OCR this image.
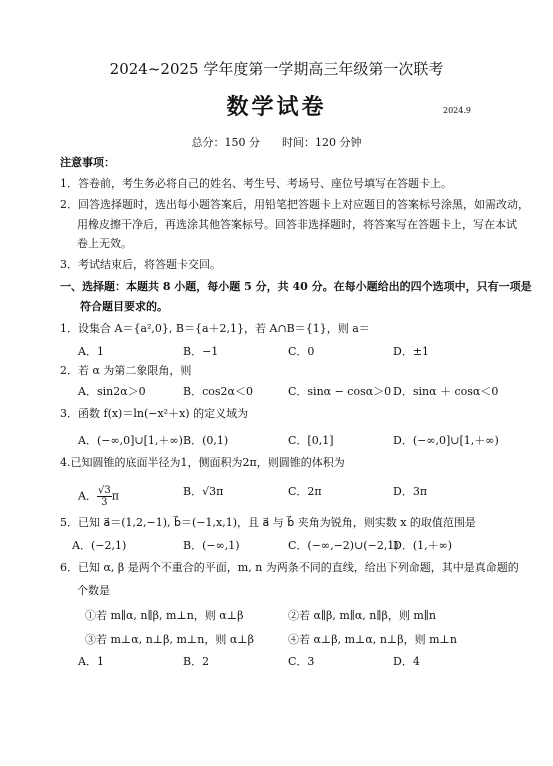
2024~2025 学年度第一学期高三年级第一次联考
数学试卷	2024.9
总分：150 分　　时间：120 分钟
注意事项：
1．答卷前，考生务必将自己的姓名、考生号、考场号、座位号填写在答题卡上。
2．回答选择题时，选出每小题答案后，用铅笔把答题卡上对应题目的答案标号涂黑，如需改动，
用橡皮擦干净后，再选涂其他答案标号。回答非选择题时，将答案写在答题卡上，写在本试
卷上无效。
3．考试结束后，将答题卡交回。
一、选择题：本题共 8 小题，每小题 5 分，共 40 分。在每小题给出的四个选项中，只有一项是
符合题目要求的。
1．设集合 A＝{a²,0}, B＝{a＋2,1}，若 A∩B＝{1}，则 a＝
A．1	B．−1	C．0	D．±1
2．若 α 为第二象限角，则
A．sin2α＞0	B．cos2α＜0	C．sinα − cosα＞0 D．sinα ＋ cosα＜0
3．函数 f(x)＝ln(−x²＋x) 的定义域为
A．(−∞,0]∪[1,＋∞) B．(0,1)	C．[0,1]	D．(−∞,0]∪[1,＋∞)
4.已知圆锥的底面半径为1，侧面积为2π，则圆锥的体积为
A． $\frac{√3}{3}$ π	B．√3π	C．2π	D．3π
5．已知 a⃗＝(1,2,−1), b⃗＝(−1,x,1)，且 a⃗ 与 b⃗ 夹角为锐角，则实数 x 的取值范围是
A．(−2,1)	B．(−∞,1)	C．(−∞,−2)∪(−2,1)
D．(1,＋∞)
6．已知 α, β 是两个不重合的平面，m, n 为两条不同的直线，给出下列命题，其中是真命题的
个数是
①若 m∥α, n∥β, m⊥n，则 α⊥β	②若 α∥β, m∥α, n∥β，则 m∥n
③若 m⊥α, n⊥β, m⊥n，则 α⊥β	④若 α⊥β, m⊥α, n⊥β，则 m⊥n
A．1	B．2	C．3	D．4
